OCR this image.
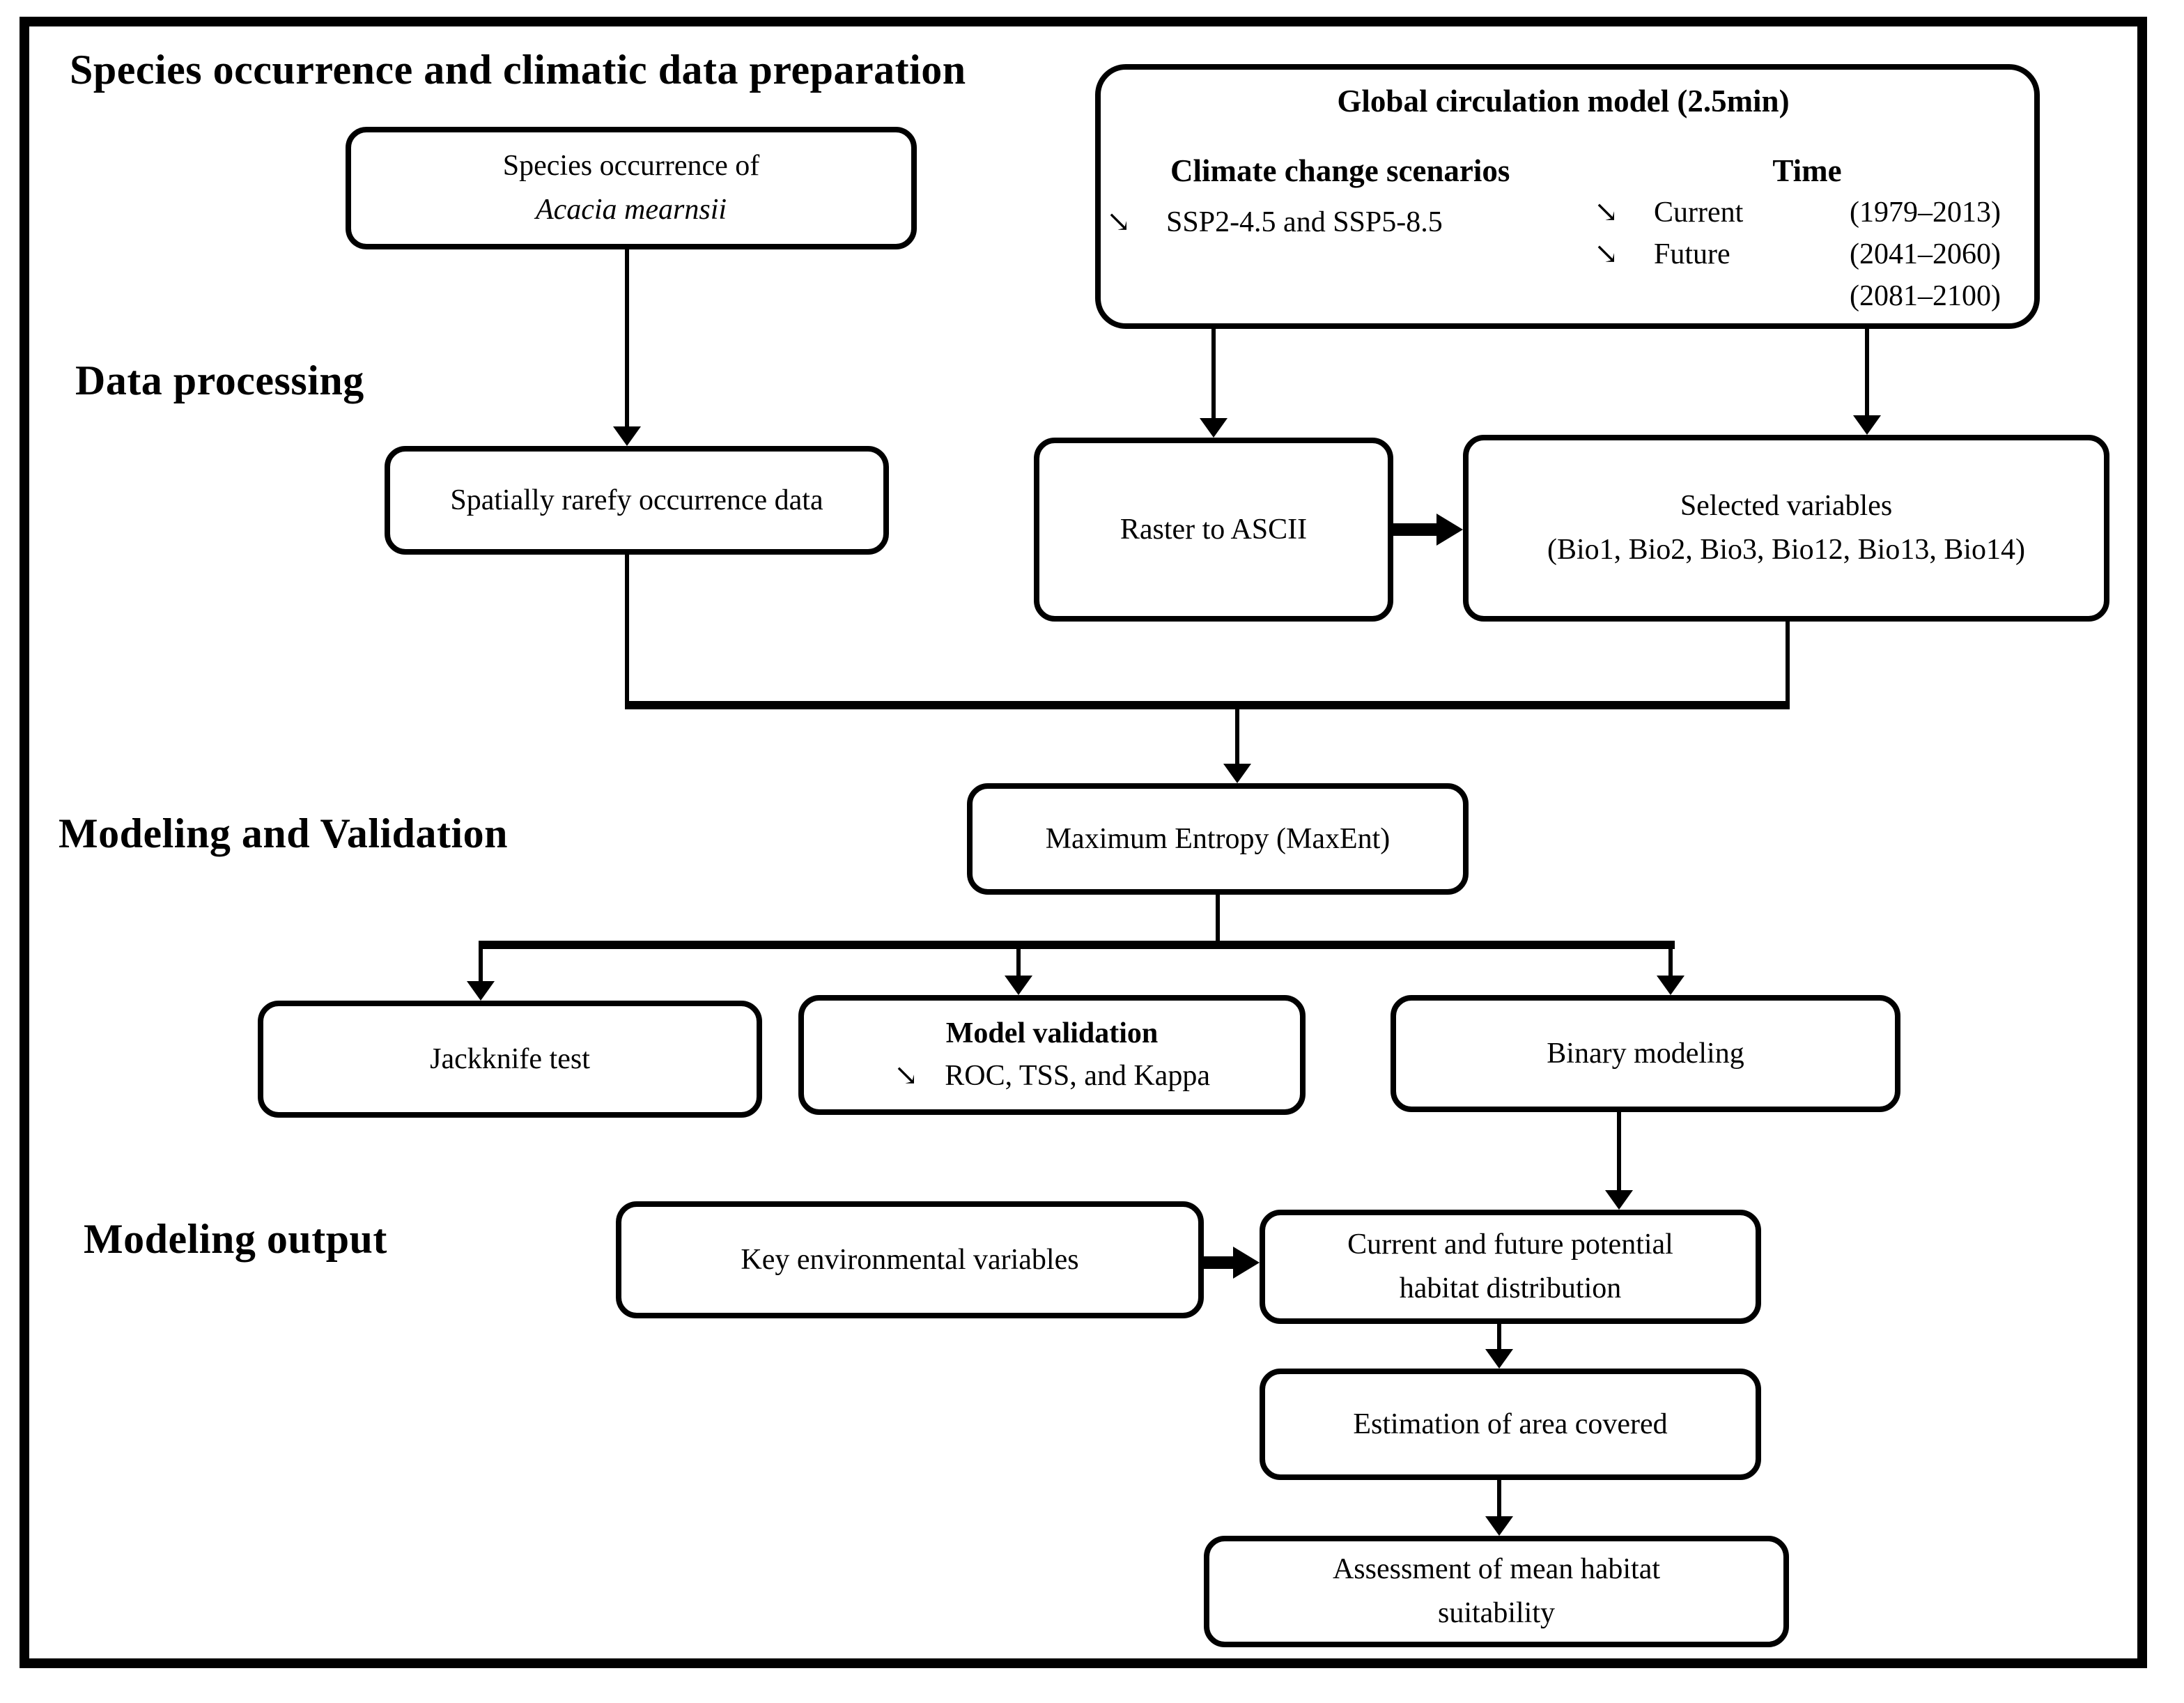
Species occurrence and climatic data preparation
Data processing
Modeling and Validation
Modeling output
Species occurrence of
Acacia mearnsii
Global circulation model (2.5min)
Climate change scenarios
↘	SSP2-4.5 and SSP5-8.5
Time
↘	Current	(1979–2013)
↘	Future	(2041–2060)
(2081–2100)
Spatially rarefy occurrence data
Raster to ASCII
Selected variables
(Bio1, Bio2, Bio3, Bio12, Bio13, Bio14)
Maximum Entropy (MaxEnt)
Jackknife test
Model validation
↘ ROC, TSS, and Kappa
Binary modeling
Key environmental variables	Current and future potential
habitat distribution
Estimation of area covered
Assessment of mean habitat
suitability
